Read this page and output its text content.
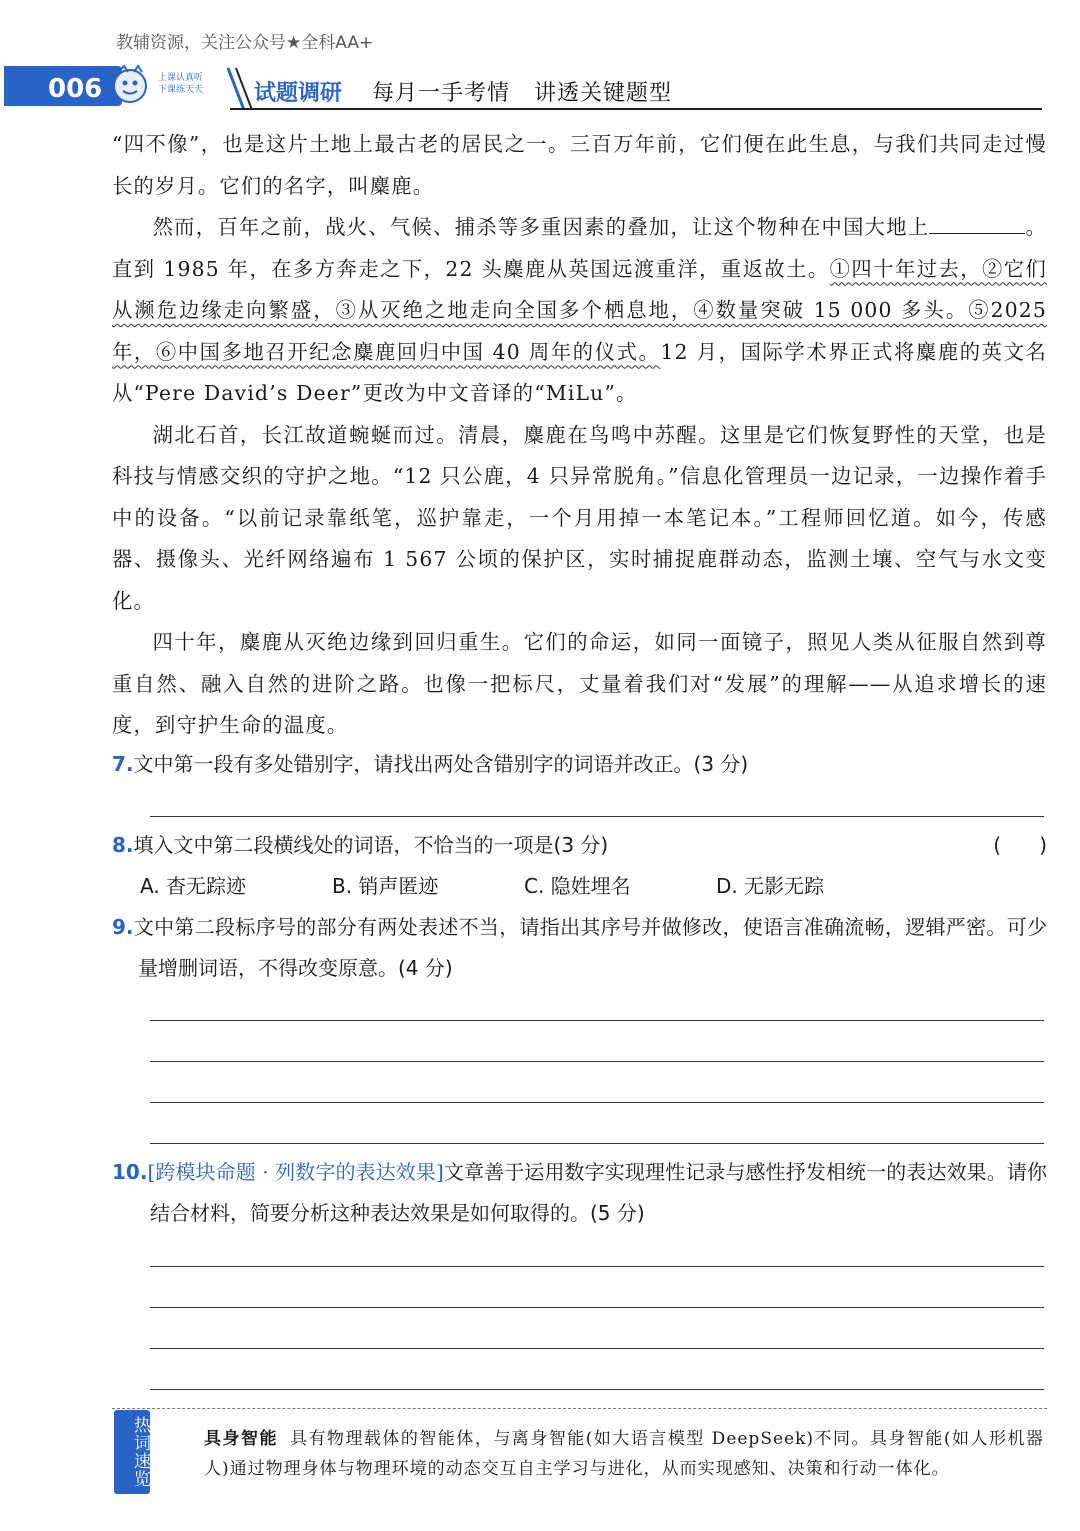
教辅资源，关注公众号★全科AA+
006	上课认真听
下课练天天	试题调研 每月一手考情   讲透关键题型

“四不像”，也是这片土地上最古老的居民之一。三百万年前，它们便在此生息，与我们共同走过慢长的岁月。它们的名字，叫麋鹿。

然而，百年之前，战火、气候、捕杀等多重因素的叠加，让这个物种在中国大地上	。直到 1985 年，在多方奔走之下，22 头麋鹿从英国远渡重洋，重返故土。①四十年过去，②它们从濒危边缘走向繁盛，③从灭绝之地走向全国多个栖息地，④数量突破 15 000 多头。⑤2025年，⑥中国多地召开纪念麋鹿回归中国 40 周年的仪式。12 月，国际学术界正式将麋鹿的英文名从“Pere David’s Deer”更改为中文音译的“MiLu”。

湖北石首，长江故道蜿蜒而过。清晨，麋鹿在鸟鸣中苏醒。这里是它们恢复野性的天堂，也是科技与情感交织的守护之地。“12 只公鹿，4 只异常脱角。”信息化管理员一边记录，一边操作着手中的设备。“以前记录靠纸笔，巡护靠走，一个月用掉一本笔记本。”工程师回忆道。如今，传感器、摄像头、光纤网络遍布 1 567 公顷的保护区，实时捕捉鹿群动态，监测土壤、空气与水文变化。

四十年，麋鹿从灭绝边缘到回归重生。它们的命运，如同一面镜子，照见人类从征服自然到尊重自然、融入自然的进阶之路。也像一把标尺，丈量着我们对“发展”的理解——从追求增长的速度，到守护生命的温度。

7.文中第一段有多处错别字，请找出两处含错别字的词语并改正。(3 分)
8.填入文中第二段横线处的词语，不恰当的一项是(3 分)	(      )
A. 杳无踪迹	B. 销声匿迹	C. 隐姓埋名	D. 无影无踪
9.文中第二段标序号的部分有两处表述不当，请指出其序号并做修改，使语言准确流畅，逻辑严密。可少量增删词语，不得改变原意。(4 分)
10.[跨模块命题 · 列数字的表达效果]文章善于运用数字实现理性记录与感性抒发相统一的表达效果。请你结合材料，简要分析这种表达效果是如何取得的。(5 分)
热词速览	具身智能 具有物理载体的智能体，与离身智能(如大语言模型 DeepSeek)不同。具身智能(如人形机器人)通过物理身体与物理环境的动态交互自主学习与进化，从而实现感知、决策和行动一体化。
